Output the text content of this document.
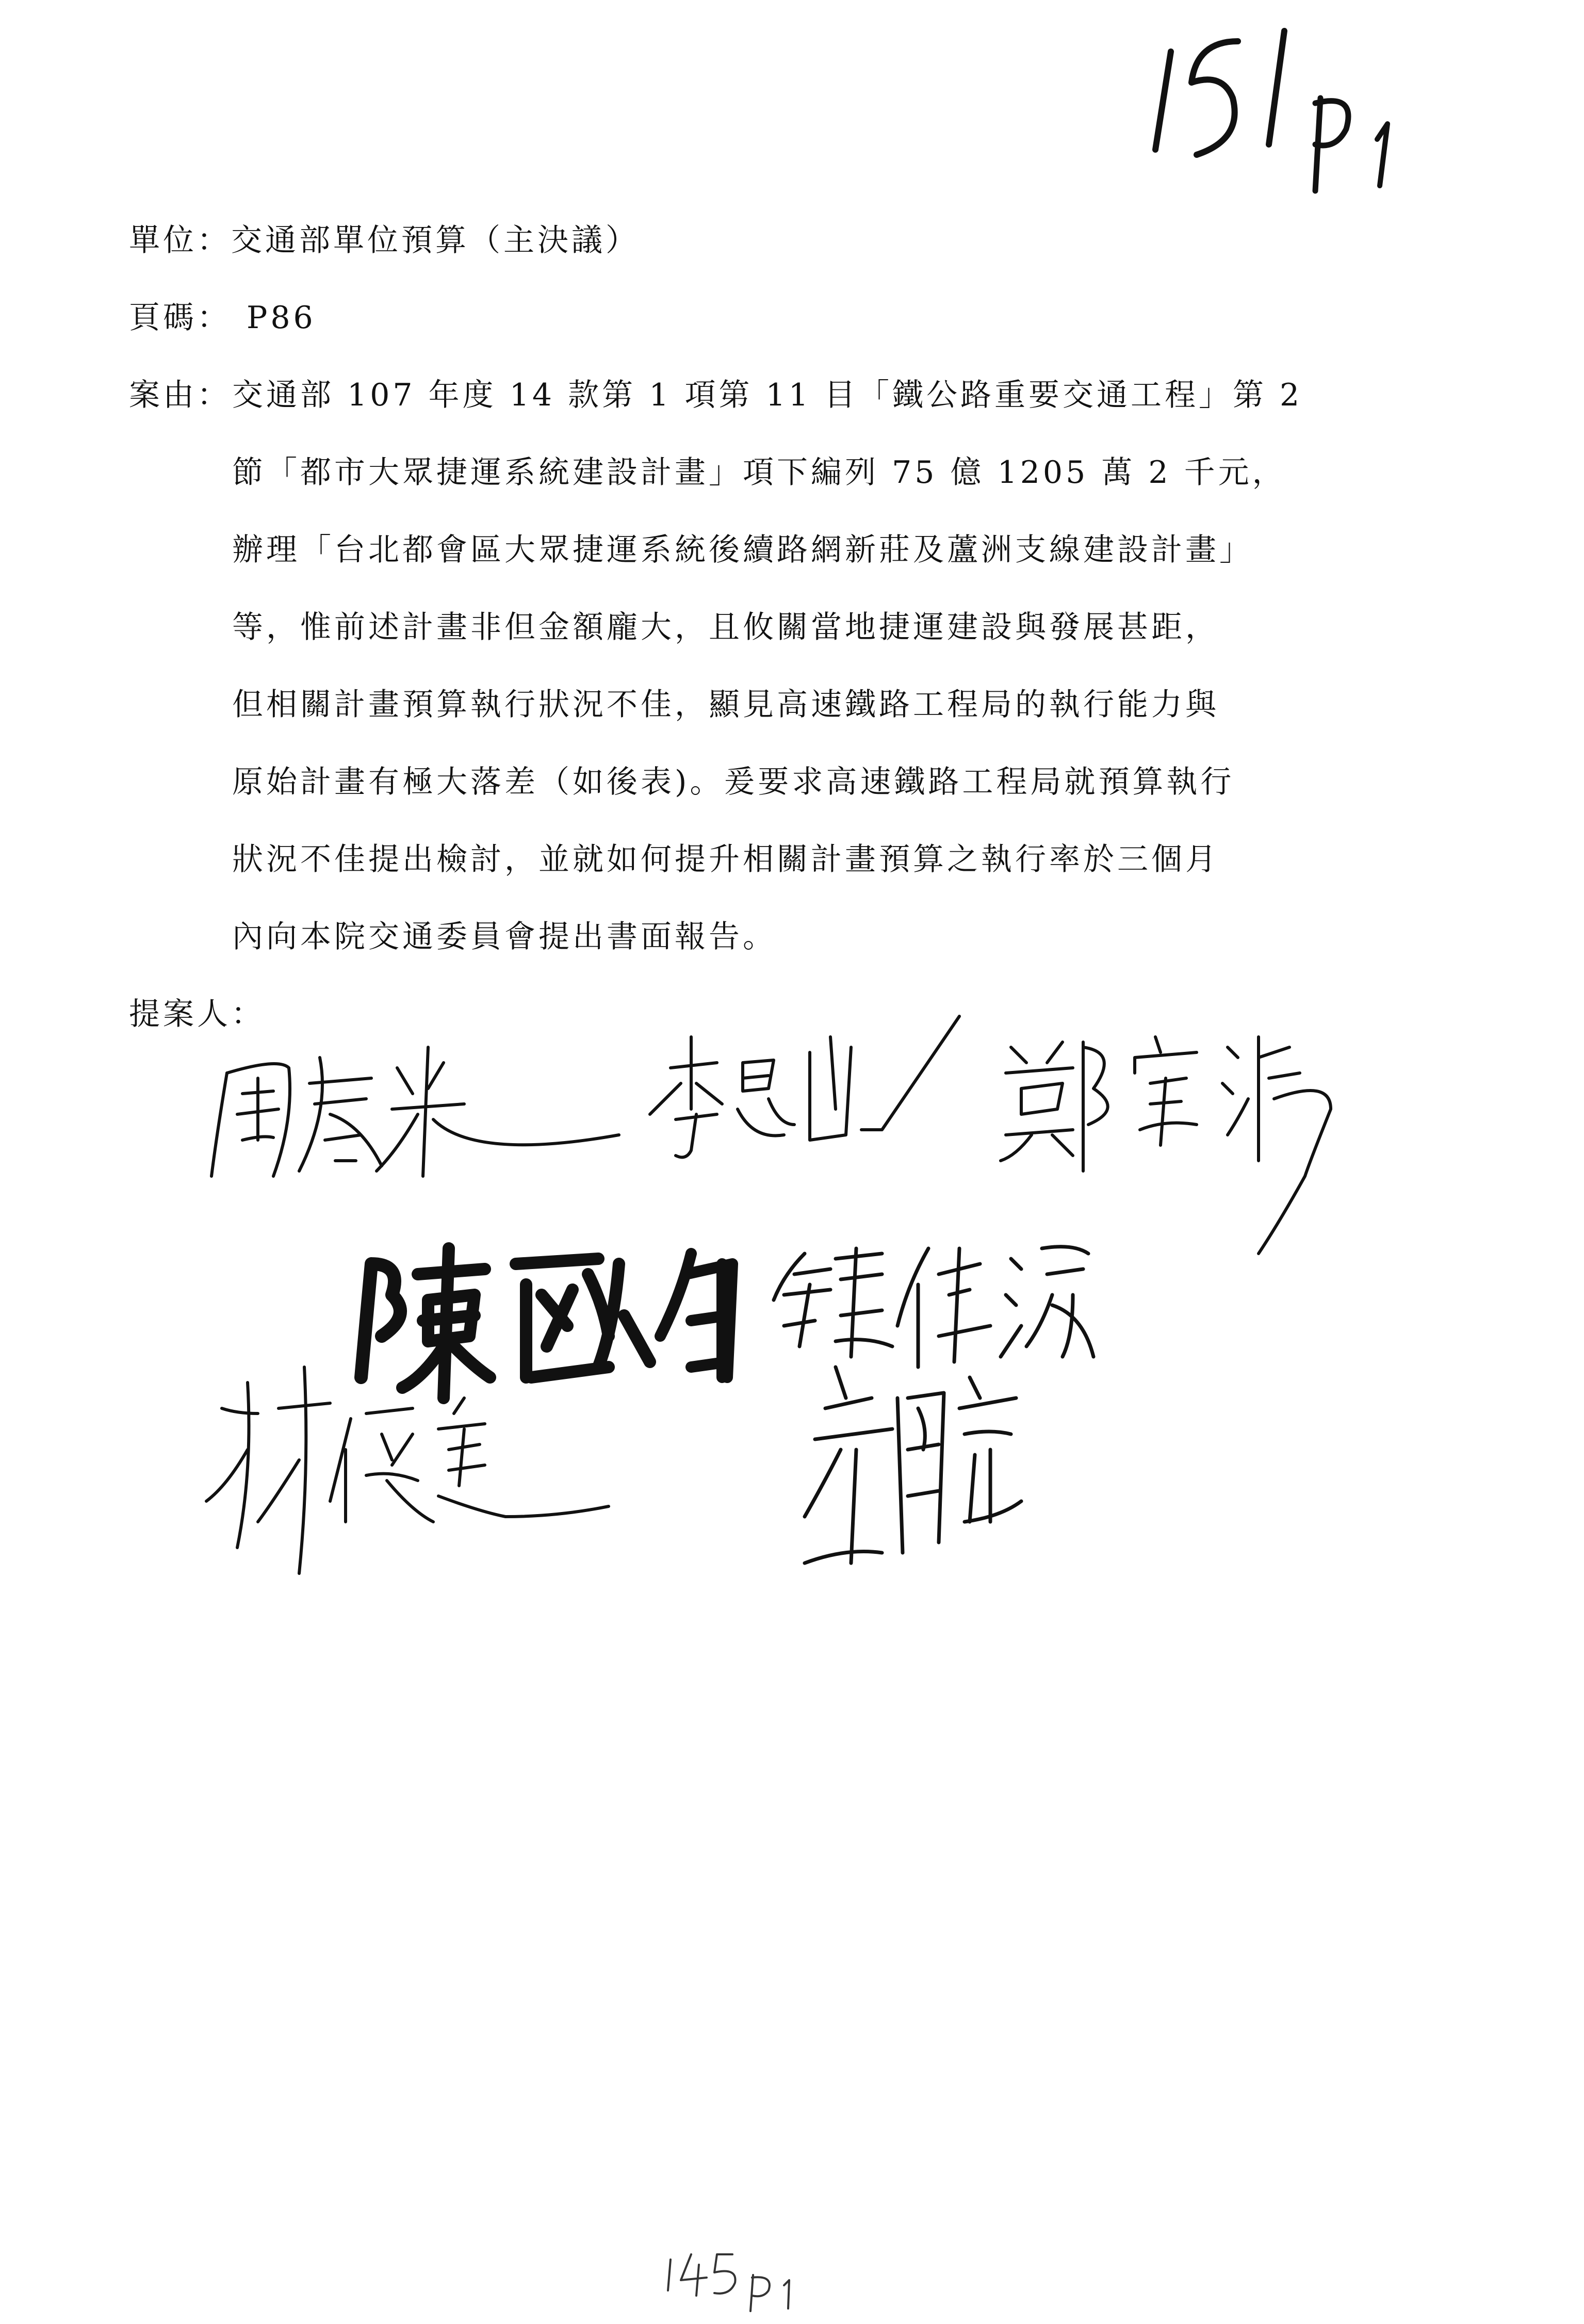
單位：交通部單位預算（主決議）
頁碼： P86
案由： 交通部 107 年度 14 款第 1 項第 11 目「鐵公路重要交通工程」第 2
節「都市大眾捷運系統建設計畫」項下編列 75 億 1205 萬 2 千元，
辦理「台北都會區大眾捷運系統後續路網新莊及蘆洲支線建設計畫」
等，惟前述計畫非但金額龐大，且攸關當地捷運建設與發展甚距，
但相關計畫預算執行狀況不佳，顯見高速鐵路工程局的執行能力與
原始計畫有極大落差（如後表)。爰要求高速鐵路工程局就預算執行
狀況不佳提出檢討，並就如何提升相關計畫預算之執行率於三個月
內向本院交通委員會提出書面報告。
提案人：
